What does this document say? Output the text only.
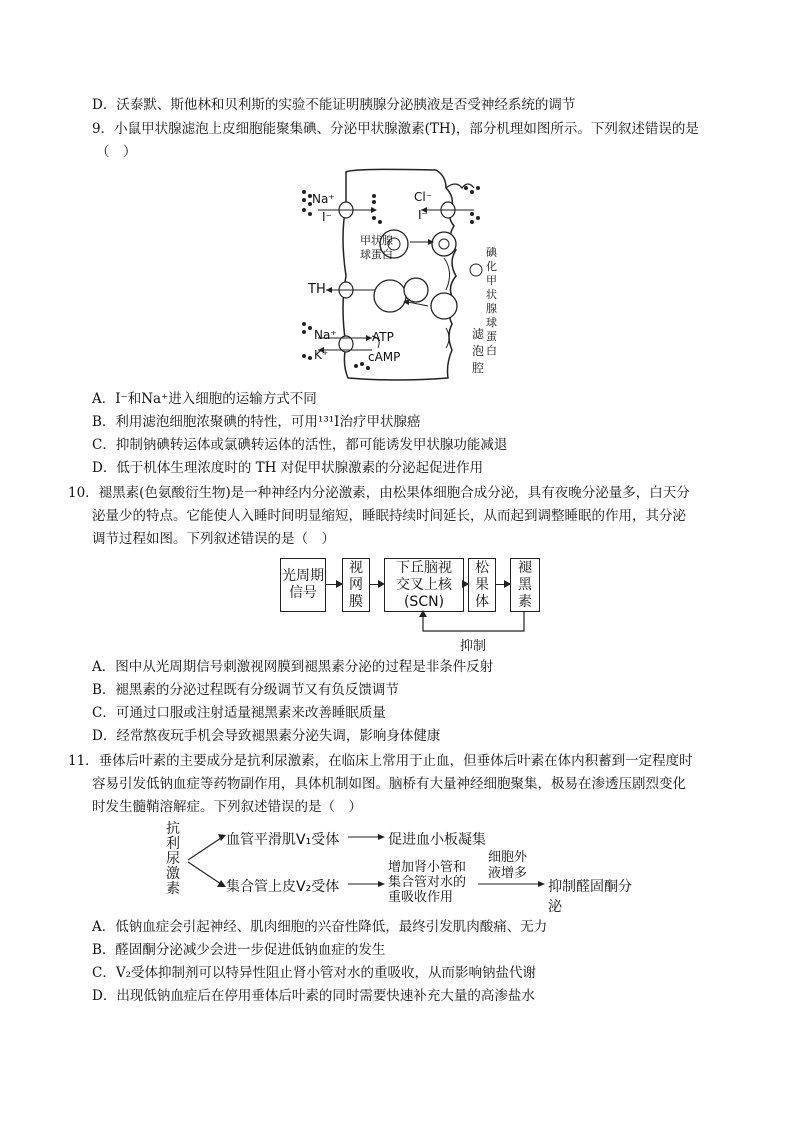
D．沃泰默、斯他林和贝利斯的实验不能证明胰腺分泌胰液是否受神经系统的调节
9．小鼠甲状腺滤泡上皮细胞能聚集碘、分泌甲状腺激素(TH)，部分机理如图所示。下列叙述错误的是
（　）
Na⁺
I⁻
Cl⁻
I⁻
甲状腺
球蛋白	碘化
甲状
腺球
蛋白
TH
Na⁺
K⁺
ATP
cAMP
滤
泡
腔
A．I⁻和Na⁺进入细胞的运输方式不同
B．利用滤泡细胞浓聚碘的特性，可用¹³¹I治疗甲状腺癌
C．抑制钠碘转运体或氯碘转运体的活性，都可能诱发甲状腺功能减退
D．低于机体生理浓度时的 TH 对促甲状腺激素的分泌起促进作用
10．褪黑素(色氨酸衍生物)是一种神经内分泌激素，由松果体细胞合成分泌，具有夜晚分泌量多，白天分
泌量少的特点。它能使人入睡时间明显缩短，睡眠持续时间延长，从而起到调整睡眠的作用，其分泌
调节过程如图。下列叙述错误的是（　）
光周期
信号
视
网
膜
下丘脑视
交叉上核
(SCN)
松
果
体
褪
黑
素
抑制
A．图中从光周期信号刺激视网膜到褪黑素分泌的过程是非条件反射
B．褪黑素的分泌过程既有分级调节又有负反馈调节
C．可通过口服或注射适量褪黑素来改善睡眠质量
D．经常熬夜玩手机会导致褪黑素分泌失调，影响身体健康
11．垂体后叶素的主要成分是抗利尿激素，在临床上常用于止血，但垂体后叶素在体内积蓄到一定程度时
容易引发低钠血症等药物副作用，具体机制如图。脑桥有大量神经细胞聚集，极易在渗透压剧烈变化
时发生髓鞘溶解症。下列叙述错误的是（　）
抗
利
尿
激
素
血管平滑肌V₁受体	促进血小板凝集
集合管上皮V₂受体
增加肾小管和
集合管对水的
重吸收作用
细胞外
液增多
抑制醛固酮分泌
A．低钠血症会引起神经、肌肉细胞的兴奋性降低，最终引发肌肉酸痛、无力
B．醛固酮分泌减少会进一步促进低钠血症的发生
C．V₂受体抑制剂可以特异性阻止肾小管对水的重吸收，从而影响钠盐代谢
D．出现低钠血症后在停用垂体后叶素的同时需要快速补充大量的高渗盐水
